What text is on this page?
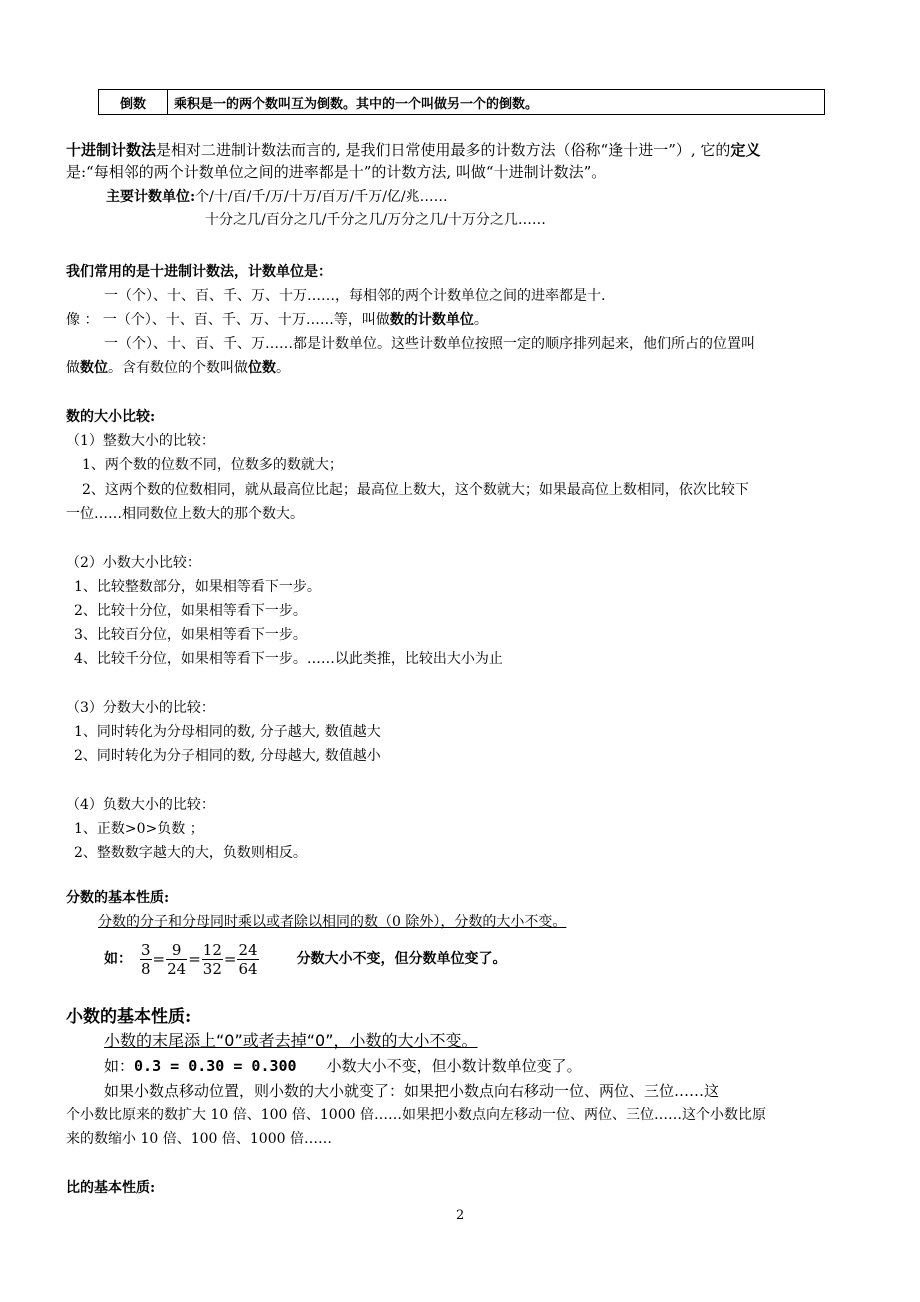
倒数	乘积是一的两个数叫互为倒数。其中的一个叫做另一个的倒数。
十进制计数法是相对二进制计数法而言的, 是我们日常使用最多的计数方法（俗称“逢十进一”）, 它的定义
是:“每相邻的两个计数单位之间的进率都是十”的计数方法, 叫做“十进制计数法”。
主要计数单位:个/十/百/千/万/十万/百万/千万/亿/兆……
十分之几/百分之几/千分之几/万分之几/十万分之几……
我们常用的是十进制计数法，计数单位是：
一（个）、十、百、千、万、十万……，每相邻的两个计数单位之间的进率都是十.
像 ： 一（个）、十、百、千、万、十万……等，叫做数的计数单位。
一（个）、十、百、千、万……都是计数单位。这些计数单位按照一定的顺序排列起来，他们所占的位置叫
做数位。含有数位的个数叫做位数。
数的大小比较:
（1）整数大小的比较：
1、两个数的位数不同，位数多的数就大；
2、这两个数的位数相同，就从最高位比起；最高位上数大，这个数就大；如果最高位上数相同，依次比较下
一位……相同数位上数大的那个数大。
（2）小数大小比较：
1、比较整数部分，如果相等看下一步。
2、比较十分位，如果相等看下一步。
3、比较百分位，如果相等看下一步。
4、比较千分位，如果相等看下一步。……以此类推，比较出大小为止
（3）分数大小的比较：
1、同时转化为分母相同的数, 分子越大, 数值越大
2、同时转化为分子相同的数, 分母越大, 数值越小
（4）负数大小的比较：
1、正数>0>负数 ；
2、整数数字越大的大，负数则相反。
分数的基本性质:
分数的分子和分母同时乘以或者除以相同的数（0 除外），分数的大小不变。
如： $\frac{3}{8} = \frac{9}{24} = \frac{12}{32} = \frac{24}{64}$	分数大小不变，但分数单位变了。
小数的基本性质:
小数的末尾添上“0”或者去掉“0”，小数的大小不变。
如：0.3 = 0.30 = 0.300 小数大小不变，但小数计数单位变了。
如果小数点移动位置，则小数的大小就变了：如果把小数点向右移动一位、两位、三位……这
个小数比原来的数扩大 10 倍、100 倍、1000 倍……如果把小数点向左移动一位、两位、三位……这个小数比原
来的数缩小 10 倍、100 倍、1000 倍……
比的基本性质:
2
